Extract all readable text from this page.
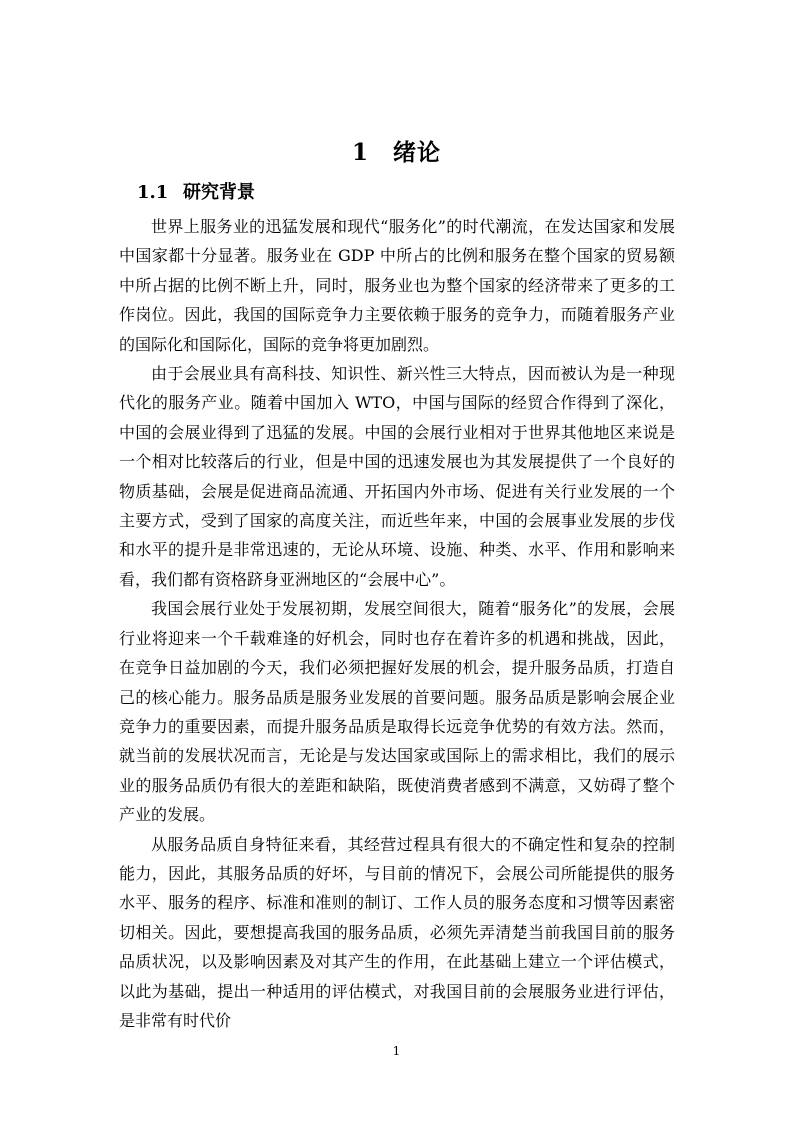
1　绪论
1.1 研究背景

世界上服务业的迅猛发展和现代“服务化”的时代潮流，在发达国家和发展中国家都十分显著。服务业在 GDP 中所占的比例和服务在整个国家的贸易额中所占据的比例不断上升，同时，服务业也为整个国家的经济带来了更多的工作岗位。因此，我国的国际竞争力主要依赖于服务的竞争力，而随着服务产业的国际化和国际化，国际的竞争将更加剧烈。

由于会展业具有高科技、知识性、新兴性三大特点，因而被认为是一种现代化的服务产业。随着中国加入 WTO，中国与国际的经贸合作得到了深化，中国的会展业得到了迅猛的发展。中国的会展行业相对于世界其他地区来说是一个相对比较落后的行业，但是中国的迅速发展也为其发展提供了一个良好的物质基础，会展是促进商品流通、开拓国内外市场、促进有关行业发展的一个主要方式，受到了国家的高度关注，而近些年来，中国的会展事业发展的步伐和水平的提升是非常迅速的，无论从环境、设施、种类、水平、作用和影响来看，我们都有资格跻身亚洲地区的“会展中心”。

我国会展行业处于发展初期，发展空间很大，随着“服务化”的发展，会展行业将迎来一个千载难逢的好机会，同时也存在着许多的机遇和挑战，因此，在竞争日益加剧的今天，我们必须把握好发展的机会，提升服务品质，打造自己的核心能力。服务品质是服务业发展的首要问题。服务品质是影响会展企业竞争力的重要因素，而提升服务品质是取得长远竞争优势的有效方法。然而，就当前的发展状况而言，无论是与发达国家或国际上的需求相比，我们的展示业的服务品质仍有很大的差距和缺陷，既使消费者感到不满意，又妨碍了整个产业的发展。

从服务品质自身特征来看，其经营过程具有很大的不确定性和复杂的控制能力，因此，其服务品质的好坏，与目前的情况下，会展公司所能提供的服务水平、服务的程序、标准和准则的制订、工作人员的服务态度和习惯等因素密切相关。因此，要想提高我国的服务品质，必须先弄清楚当前我国目前的服务品质状况，以及影响因素及对其产生的作用，在此基础上建立一个评估模式，以此为基础，提出一种适用的评估模式，对我国目前的会展服务业进行评估，是非常有时代价

1
